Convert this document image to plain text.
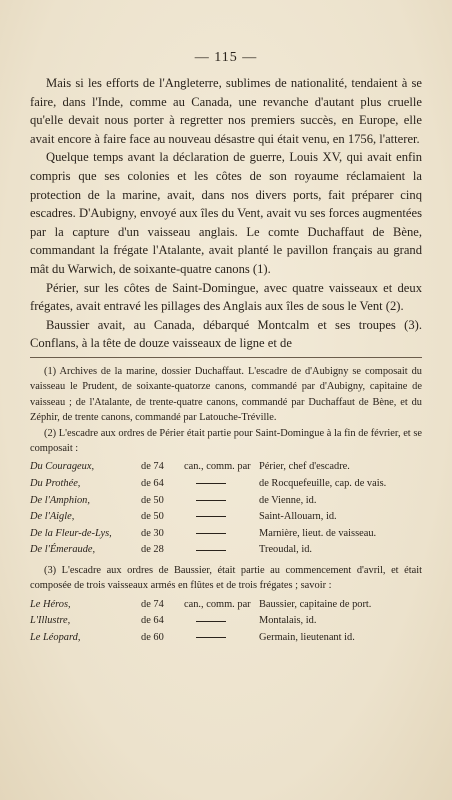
— 115 —

Mais si les efforts de l'Angleterre, sublimes de nationalité, tendaient à se faire, dans l'Inde, comme au Canada, une revanche d'autant plus cruelle qu'elle devait nous porter à regretter nos premiers succès, en Europe, elle avait encore à faire face au nouveau désastre qui était venu, en 1756, l'atterer.

Quelque temps avant la déclaration de guerre, Louis XV, qui avait enfin compris que ses colonies et les côtes de son royaume réclamaient la protection de la marine, avait, dans nos divers ports, fait préparer cinq escadres. D'Aubigny, envoyé aux îles du Vent, avait vu ses forces augmentées par la capture d'un vaisseau anglais. Le comte Duchaffaut de Bène, commandant la frégate l'Atalante, avait planté le pavillon français au grand mât du Warwich, de soixante-quatre canons (1).

Périer, sur les côtes de Saint-Domingue, avec quatre vaisseaux et deux frégates, avait entravé les pillages des Anglais aux îles de sous le Vent (2).

Baussier avait, au Canada, débarqué Montcalm et ses troupes (3). Conflans, à la tête de douze vaisseaux de ligne et de

(1) Archives de la marine, dossier Duchaffaut. L'escadre de d'Aubigny se composait du vaisseau le Prudent, de soixante-quatorze canons, commandé par d'Aubigny, capitaine de vaisseau ; de l'Atalante, de trente-quatre canons, commandé par Duchaffaut de Bène, et du Zéphir, de trente canons, commandé par Latouche-Tréville.

(2) L'escadre aux ordres de Périer était partie pour Saint-Domingue à la fin de février, et se composait :

Du Courageux,	de 74	can., comm. par	Périer, chef d'escadre.
Du Prothée,	de 64		de Rocquefeuille, cap. de vais.
De l'Amphion,	de 50		de Vienne, id.
De l'Aigle,	de 50		Saint-Allouarn, id.
De la Fleur-de-Lys,	de 30		Marnière, lieut. de vaisseau.
De l'Émeraude,	de 28		Treoudal, id.

(3) L'escadre aux ordres de Baussier, était partie au commencement d'avril, et était composée de trois vaisseaux armés en flûtes et de trois frégates ; savoir :

Le Héros,	de 74	can., comm. par	Baussier, capitaine de port.
L'Illustre,	de 64		Montalais, id.
Le Léopard,	de 60		Germain, lieutenant id.
